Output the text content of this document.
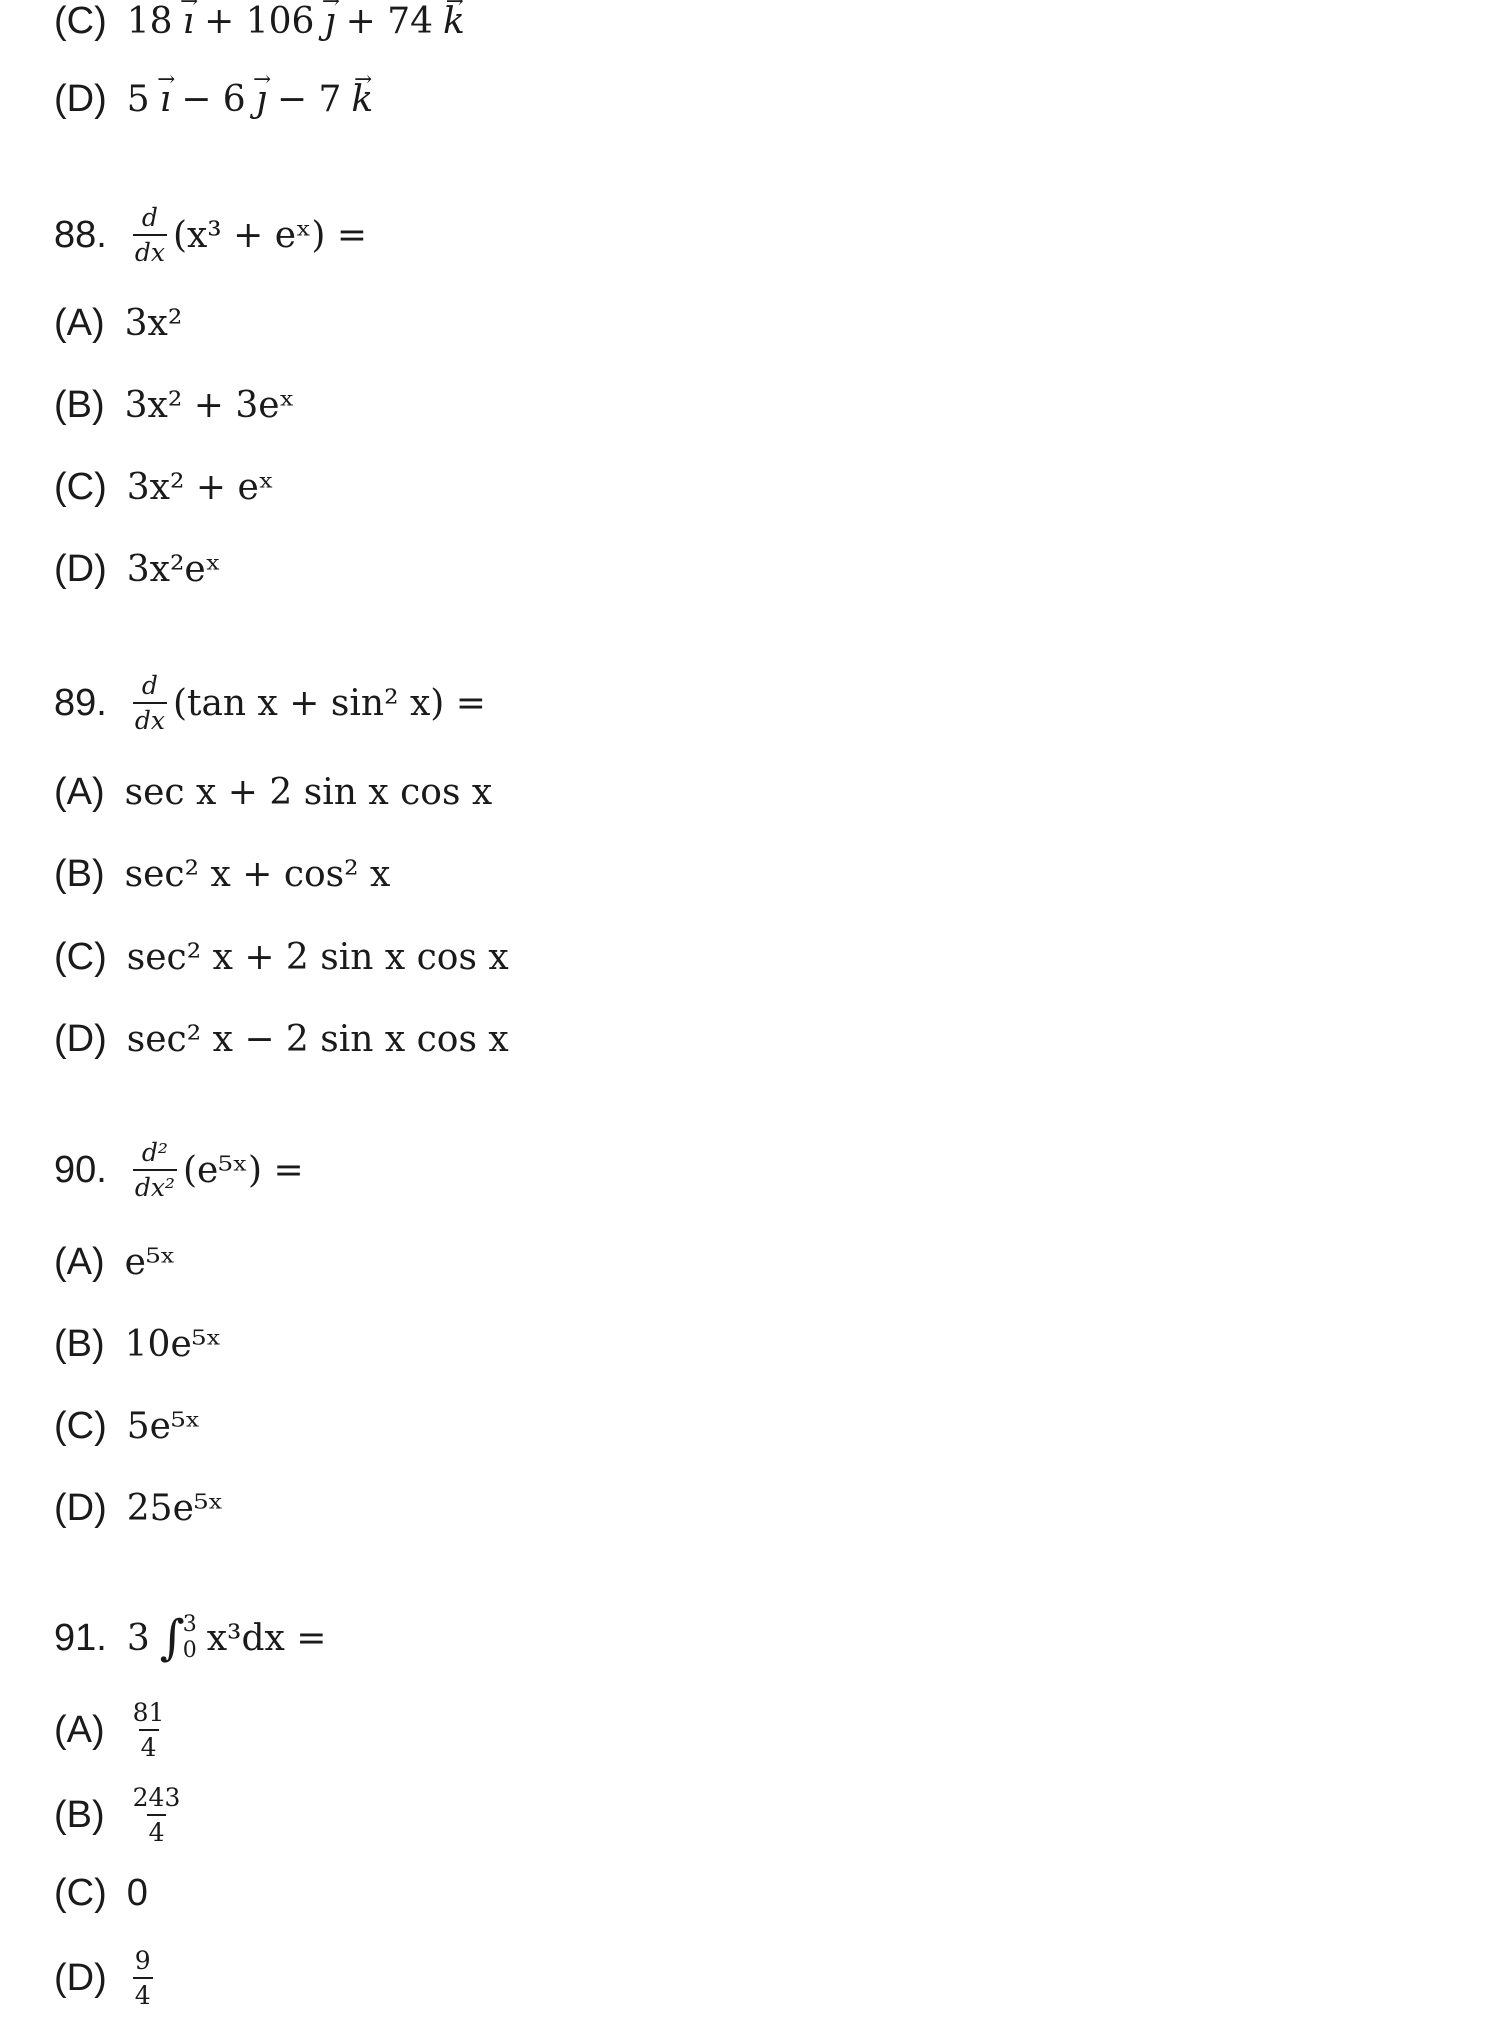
(C) 18 ı → + 106 ȷ → + 74 k →
(D) 5 ı → − 6 ȷ → − 7 k →
88. $\frac{d}{dx} (x^3$ + eˣ) =
(A) 3x²
(B) 3x² + 3eˣ
(C) 3x² + eˣ
(D) 3x²eˣ
89. $\frac{d}{dx} (\tan$ x + sin² x) =
(A) sec x + 2 sin x cos x
(B) sec² x + cos² x
(C) sec² x + 2 sin x cos x
(D) sec² x − 2 sin x cos x
90. $\frac{\text{d²}}{\text{dx²}}$ (e⁵ˣ) =
(A) e⁵ˣ
(B) 10e⁵ˣ
(C) 5e⁵ˣ
(D) 25e⁵ˣ
91. 3 ∫
3
0 x³dx =
$(A) \frac{81}{4}$
$(B) \frac{243}{4}$
(C) 0
$(D) \frac{9}{4}$
